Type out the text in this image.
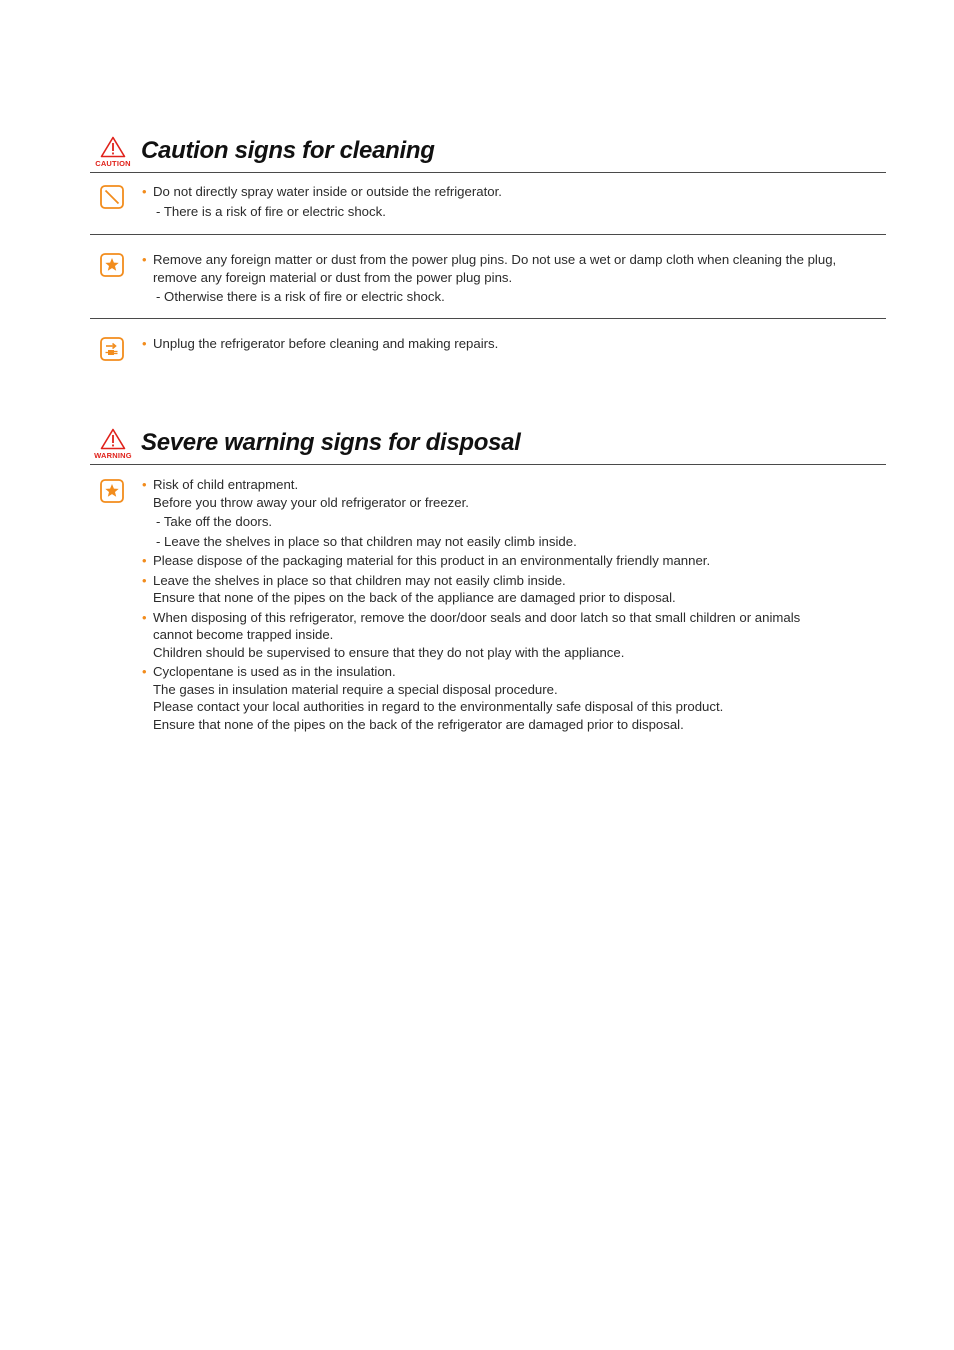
CAUTION Caution signs for cleaning
• Do not directly spray water inside or outside the refrigerator.
- There is a risk of fire or electric shock.
• Remove any foreign matter or dust from the power plug pins. Do not use a wet or damp cloth when cleaning the plug,
remove any foreign material or dust from the power plug pins.
- Otherwise there is a risk of fire or electric shock.
• Unplug the refrigerator before cleaning and making repairs.
WARNING Severe warning signs for disposal
• Risk of child entrapment.
Before you throw away your old refrigerator or freezer.
- Take off the doors.
- Leave the shelves in place so that children may not easily climb inside.
• Please dispose of the packaging material for this product in an environmentally friendly manner.
• Leave the shelves in place so that children may not easily climb inside.
Ensure that none of the pipes on the back of the appliance are damaged prior to disposal.
• When disposing of this refrigerator, remove the door/door seals and door latch so that small children or animals
cannot become trapped inside.
Children should be supervised to ensure that they do not play with the appliance.
• Cyclopentane is used as in the insulation.
The gases in insulation material require a special disposal procedure.
Please contact your local authorities in regard to the environmentally safe disposal of this product.
Ensure that none of the pipes on the back of the refrigerator are damaged prior to disposal.
